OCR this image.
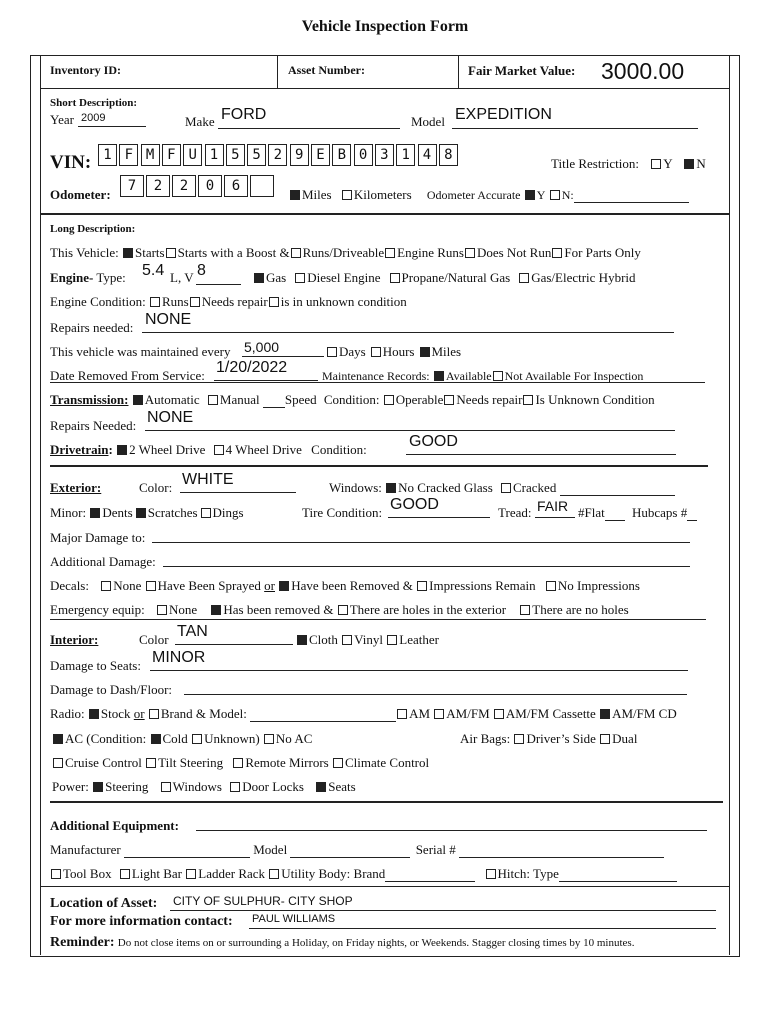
Vehicle Inspection Form
Inventory ID:	Asset Number:	Fair Market Value: 3000.00
Short Description:
Year 2009	Make FORD	Model EXPEDITION
VIN: 1 F M F U 1 5 5 2 9 E B 0 3 1 4 8
Title Restriction: Y N
Odometer:
7	2	2	0	6
Miles Kilometers Odometer Accurate Y N:
Long Description:
This Vehicle: Starts Starts with a Boost & Runs/Driveable Engine Runs Does Not Run For Parts Only
Engine- Type: 5.4 L, V 8	Gas Diesel Engine Propane/Natural Gas Gas/Electric Hybrid
Engine Condition: Runs Needs repair is in unknown condition
Repairs needed: NONE
This vehicle was maintained every 5,000	Days Hours Miles
Date Removed From Service: 1/20/2022	Maintenance Records: Available Not Available For Inspection
Transmission: Automatic Manual Speed Condition: Operable Needs repair Is Unknown Condition
Repairs Needed: NONE
Drivetrain: 2 Wheel Drive 4 Wheel Drive Condition:	GOOD
Exterior:	Color: WHITE	Windows: No Cracked Glass Cracked
Minor: Dents Scratches Dings	Tire Condition: GOOD	Tread: FAIR #Flat Hubcaps #
Major Damage to:
Additional Damage:
Decals: None Have Been Sprayed or Have been Removed & Impressions Remain No Impressions
Emergency equip: None Has been removed & There are holes in the exterior There are no holes
Interior:	Color TAN	Cloth Vinyl Leather
Damage to Seats: MINOR
Damage to Dash/Floor:
Radio: Stock or Brand & Model:	AM AM/FM AM/FM Cassette AM/FM CD
AC (Condition: Cold Unknown) No AC	Air Bags: Driver’s Side Dual
Cruise Control Tilt Steering Remote Mirrors Climate Control
Power: Steering Windows Door Locks Seats
Additional Equipment:
Manufacturer	Model	Serial #
Tool Box Light Bar Ladder Rack Utility Body: Brand	Hitch: Type
Location of Asset: CITY OF SULPHUR- CITY SHOP
For more information contact: PAUL WILLIAMS
Reminder: Do not close items on or surrounding a Holiday, on Friday nights, or Weekends. Stagger closing times by 10 minutes.
